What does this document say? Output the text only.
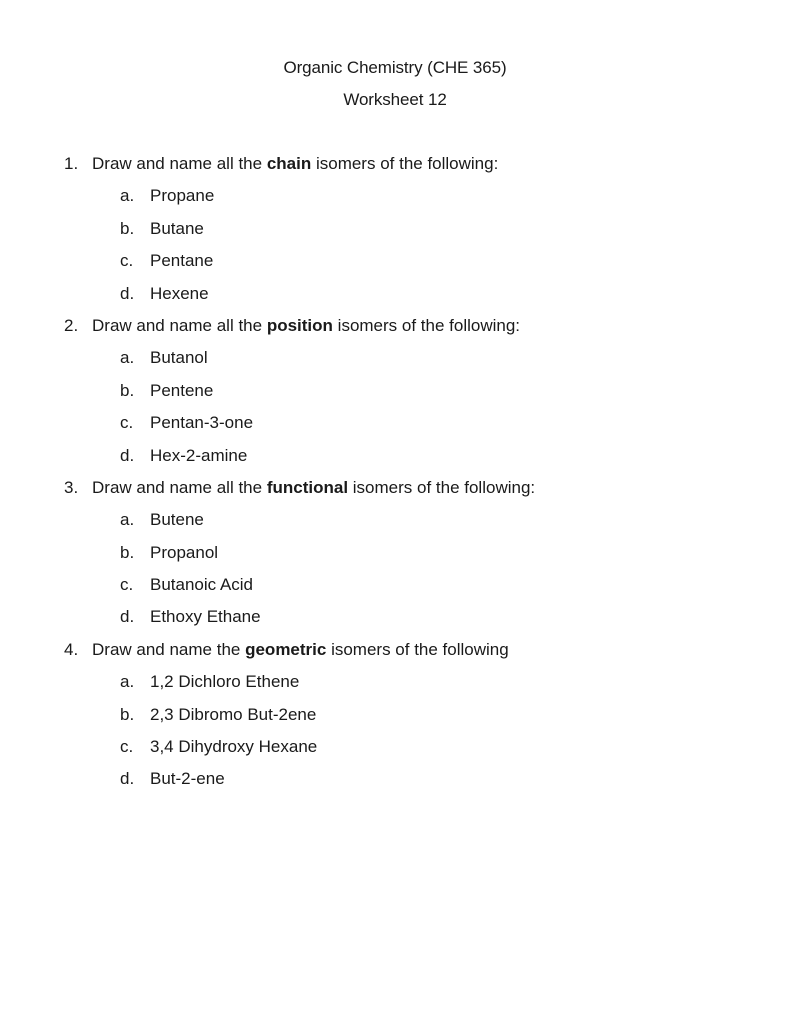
Organic Chemistry (CHE 365)
Worksheet 12
1. Draw and name all the chain isomers of the following:
a. Propane
b. Butane
c. Pentane
d. Hexene
2. Draw and name all the position isomers of the following:
a. Butanol
b. Pentene
c. Pentan-3-one
d. Hex-2-amine
3. Draw and name all the functional isomers of the following:
a. Butene
b. Propanol
c. Butanoic Acid
d. Ethoxy Ethane
4. Draw and name the geometric isomers of the following
a. 1,2 Dichloro Ethene
b. 2,3 Dibromo But-2ene
c. 3,4 Dihydroxy Hexane
d. But-2-ene
